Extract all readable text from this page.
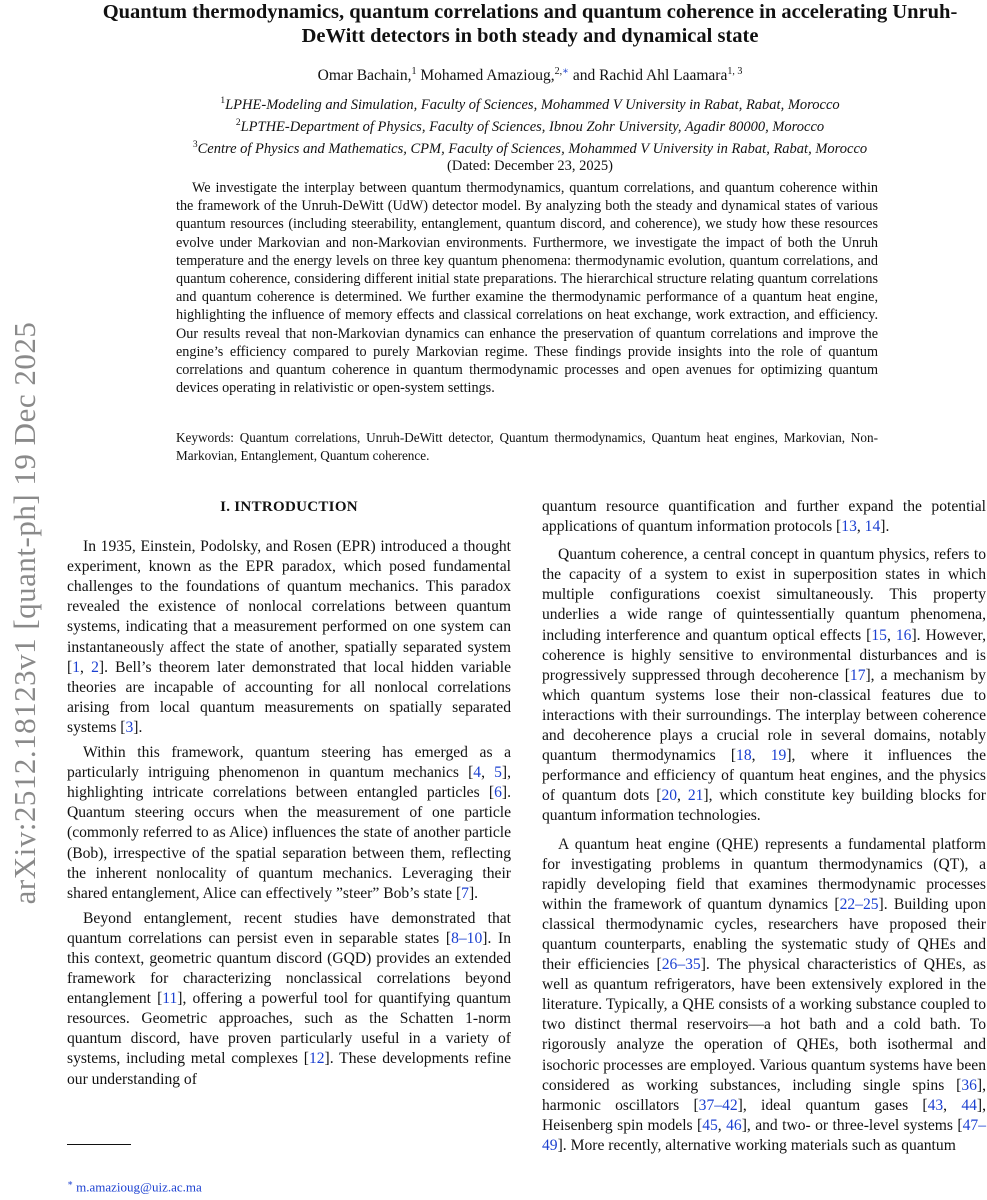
arXiv:2512.18123v1 [quant-ph] 19 Dec 2025
Quantum thermodynamics, quantum correlations and quantum coherence in accelerating Unruh-DeWitt detectors in both steady and dynamical state
Omar Bachain,$^1$ Mohamed Amazioug,$^{2,∗}$ and Rachid Ahl Laamara$^{1, 3}$
$^1$LPHE-Modeling and Simulation, Faculty of Sciences, Mohammed V University in Rabat, Rabat, Morocco
$^2$LPTHE-Department of Physics, Faculty of Sciences, Ibnou Zohr University, Agadir 80000, Morocco
$^3$Centre of Physics and Mathematics, CPM, Faculty of Sciences, Mohammed V University in Rabat, Rabat, Morocco
(Dated: December 23, 2025)
We investigate the interplay between quantum thermodynamics, quantum correlations, and quantum coherence within the framework of the Unruh-DeWitt (UdW) detector model. By analyzing both the steady and dynamical states of various quantum resources (including steerability, entanglement, quantum discord, and coherence), we study how these resources evolve under Markovian and non-Markovian environments. Furthermore, we investigate the impact of both the Unruh temperature and the energy levels on three key quantum phenomena: thermodynamic evolution, quantum correlations, and quantum coherence, considering different initial state preparations. The hierarchical structure relating quantum correlations and quantum coherence is determined. We further examine the thermodynamic performance of a quantum heat engine, highlighting the influence of memory effects and classical correlations on heat exchange, work extraction, and efficiency. Our results reveal that non-Markovian dynamics can enhance the preservation of quantum correlations and improve the engine’s efficiency compared to purely Markovian regime. These findings provide insights into the role of quantum correlations and quantum coherence in quantum thermodynamic processes and open avenues for optimizing quantum devices operating in relativistic or open-system settings.
Keywords: Quantum correlations, Unruh-DeWitt detector, Quantum thermodynamics, Quantum heat engines, Markovian, Non-Markovian, Entanglement, Quantum coherence.
I. INTRODUCTION

In 1935, Einstein, Podolsky, and Rosen (EPR) introduced a thought experiment, known as the EPR paradox, which posed fundamental challenges to the foundations of quantum mechanics. This paradox revealed the existence of nonlocal correlations between quantum systems, indicating that a measurement performed on one system can instantaneously affect the state of another, spatially separated system [1, 2]. Bell’s theorem later demonstrated that local hidden variable theories are incapable of accounting for all nonlocal correlations arising from local quantum measurements on spatially separated systems [3].

Within this framework, quantum steering has emerged as a particularly intriguing phenomenon in quantum mechanics [4, 5], highlighting intricate correlations between entangled particles [6]. Quantum steering occurs when the measurement of one particle (commonly referred to as Alice) influences the state of another particle (Bob), irrespective of the spatial separation between them, reflecting the inherent nonlocality of quantum mechanics. Leveraging their shared entanglement, Alice can effectively ”steer” Bob’s state [7].

Beyond entanglement, recent studies have demonstrated that quantum correlations can persist even in separable states [8–10]. In this context, geometric quantum discord (GQD) provides an extended framework for characterizing nonclassical correlations beyond entanglement [11], offering a powerful tool for quantifying quantum resources. Geometric approaches, such as the Schatten 1-norm quantum discord, have proven particularly useful in a variety of systems, including metal complexes [12]. These developments refine our understanding of

quantum resource quantification and further expand the potential applications of quantum information protocols [13, 14].

Quantum coherence, a central concept in quantum physics, refers to the capacity of a system to exist in superposition states in which multiple configurations coexist simultaneously. This property underlies a wide range of quintessentially quantum phenomena, including interference and quantum optical effects [15, 16]. However, coherence is highly sensitive to environmental disturbances and is progressively suppressed through decoherence [17], a mechanism by which quantum systems lose their non-classical features due to interactions with their surroundings. The interplay between coherence and decoherence plays a crucial role in several domains, notably quantum thermodynamics [18, 19], where it influences the performance and efficiency of quantum heat engines, and the physics of quantum dots [20, 21], which constitute key building blocks for quantum information technologies.

A quantum heat engine (QHE) represents a fundamental platform for investigating problems in quantum thermodynamics (QT), a rapidly developing field that examines thermodynamic processes within the framework of quantum dynamics [22–25]. Building upon classical thermodynamic cycles, researchers have proposed their quantum counterparts, enabling the systematic study of QHEs and their efficiencies [26–35]. The physical characteristics of QHEs, as well as quantum refrigerators, have been extensively explored in the literature. Typically, a QHE consists of a working substance coupled to two distinct thermal reservoirs—a hot bath and a cold bath. To rigorously analyze the operation of QHEs, both isothermal and isochoric processes are employed. Various quantum systems have been considered as working substances, including single spins [36], harmonic oscillators [37–42], ideal quantum gases [43, 44], Heisenberg spin models [45, 46], and two- or three-level systems [47–49]. More recently, alternative working materials such as quantum

∗ m.amazioug@uiz.ac.ma
